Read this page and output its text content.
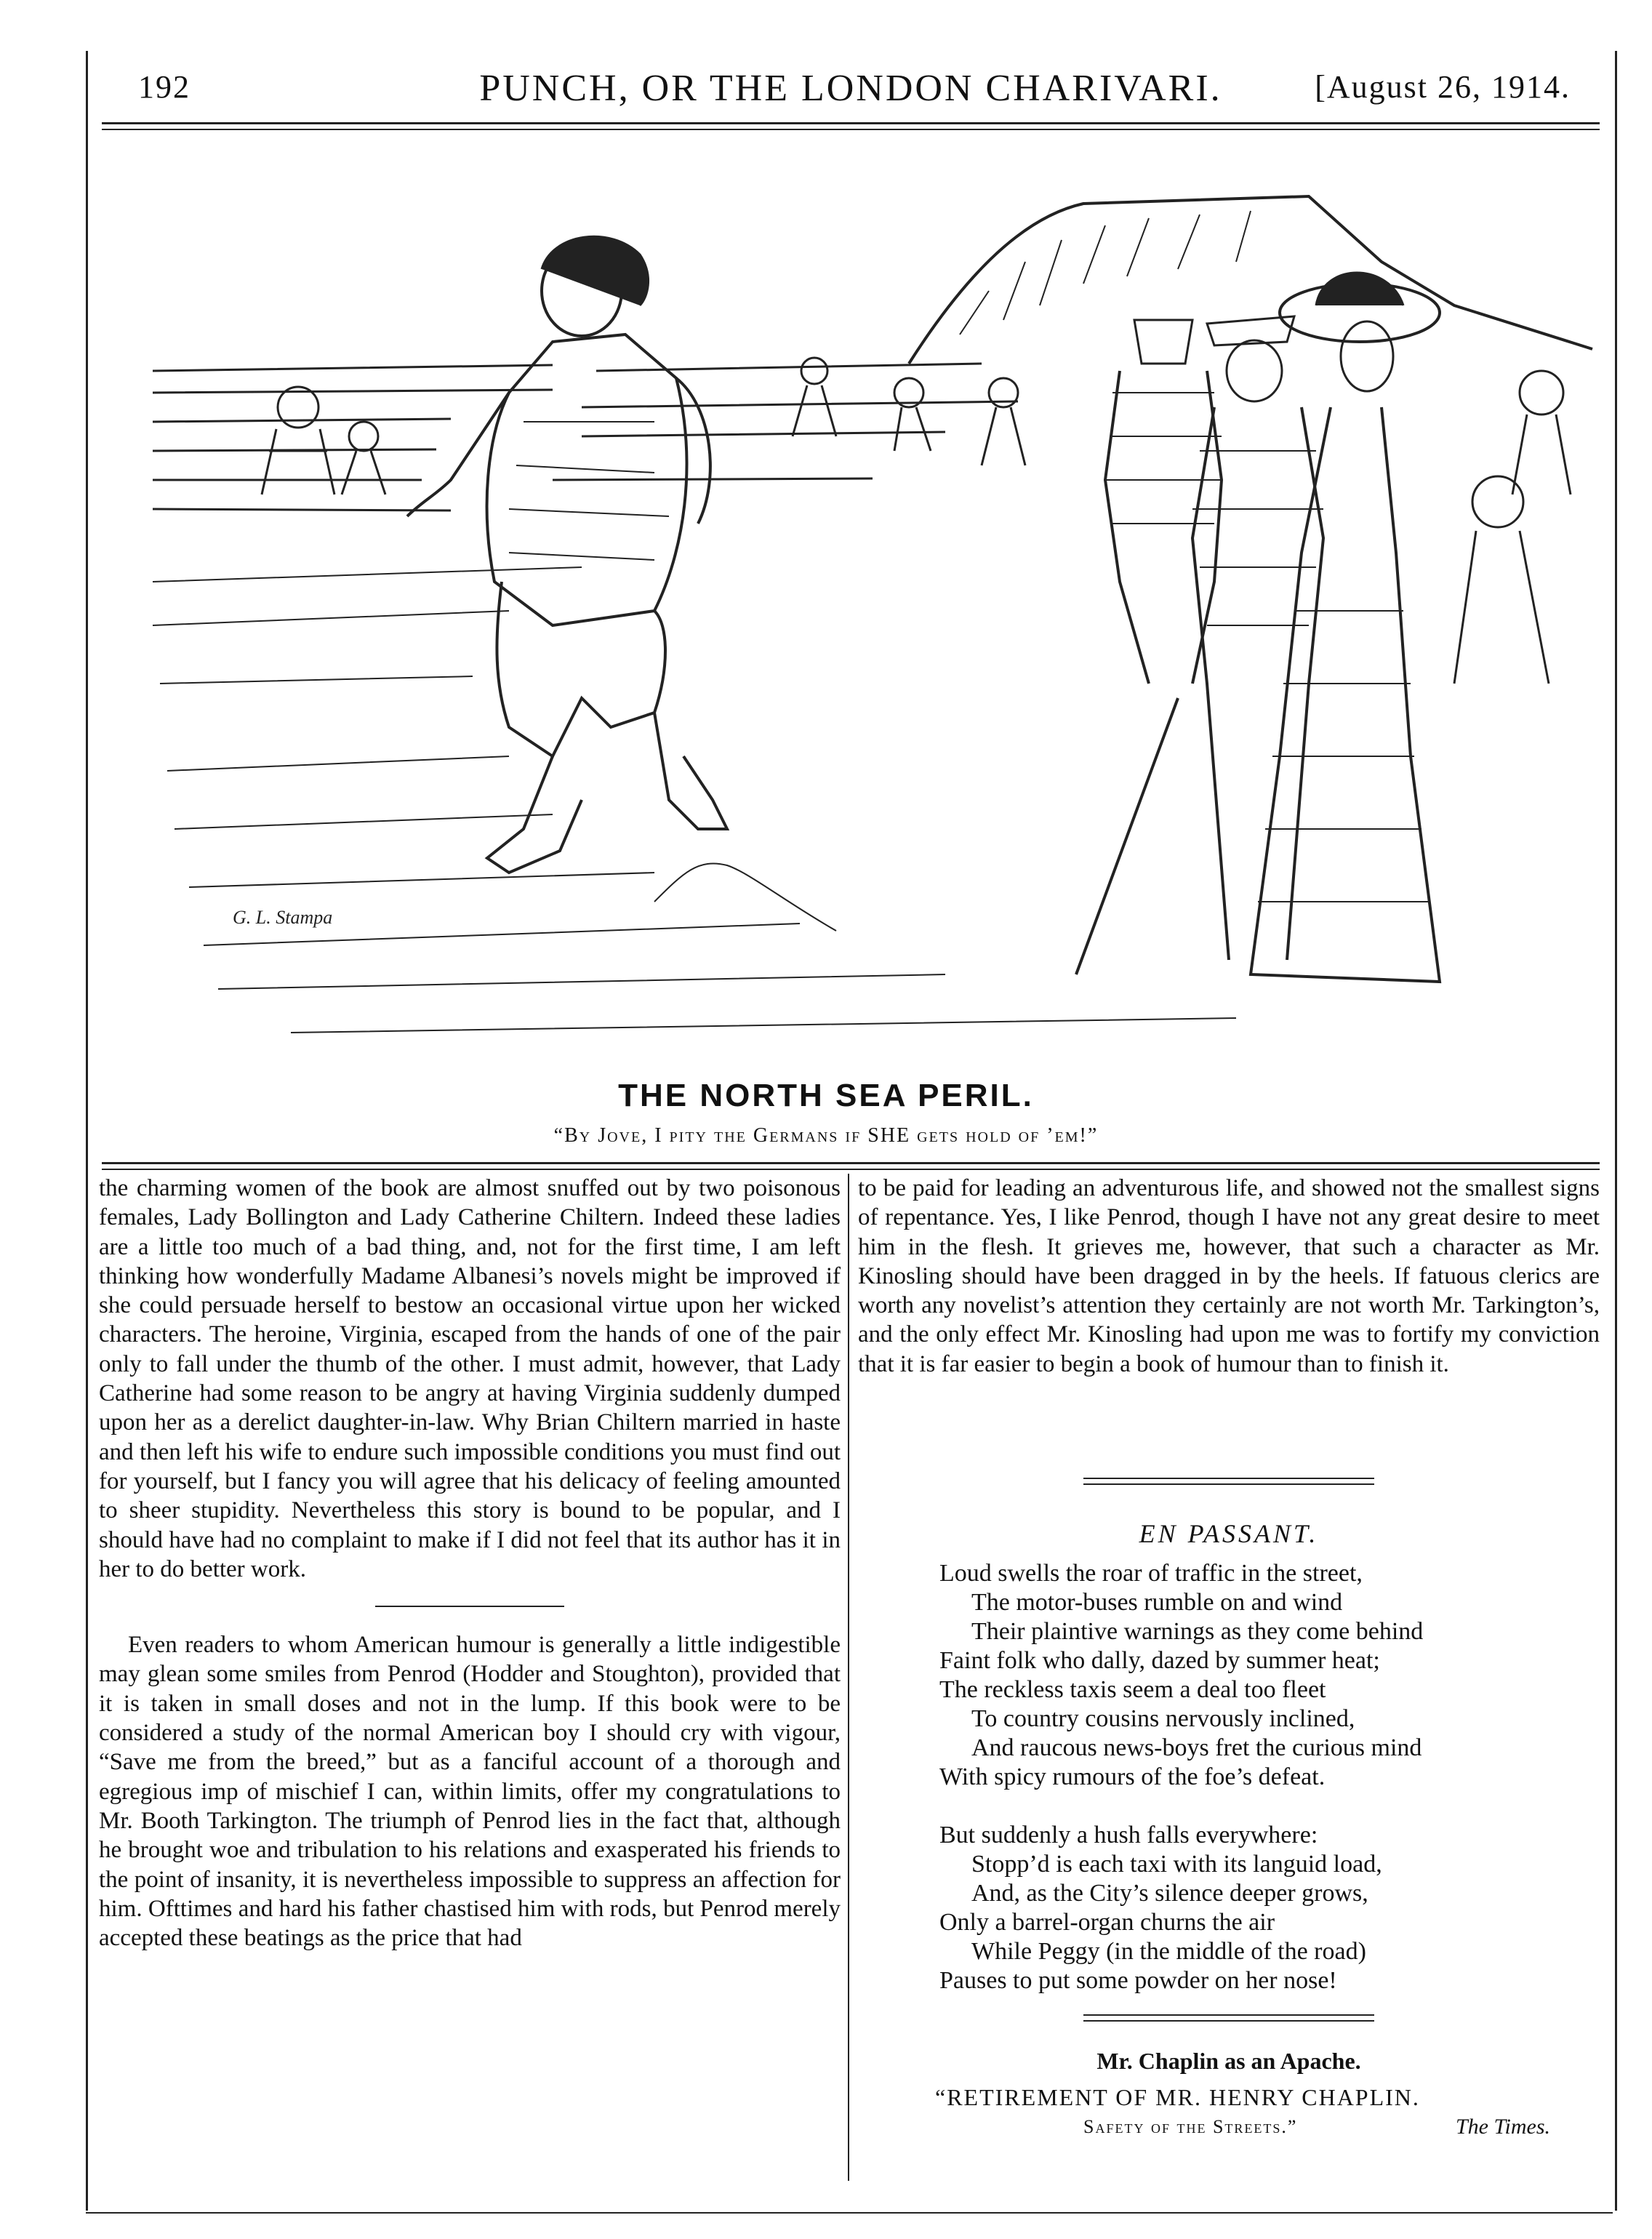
192	PUNCH, OR THE LONDON CHARIVARI.	[August 26, 1914.
G. L. Stampa
THE NORTH SEA PERIL.
“By Jove, I pity the Germans if SHE gets hold of ’em!”

the charming women of the book are almost snuffed out by two poisonous females, Lady Bollington and Lady Catherine Chiltern. Indeed these ladies are a little too much of a bad thing, and, not for the first time, I am left thinking how wonderfully Madame Albanesi’s novels might be improved if she could persuade herself to bestow an occasional virtue upon her wicked characters. The heroine, Virginia, escaped from the hands of one of the pair only to fall under the thumb of the other. I must admit, however, that Lady Catherine had some reason to be angry at having Virginia suddenly dumped upon her as a derelict daughter-in-law. Why Brian Chiltern married in haste and then left his wife to endure such impossible conditions you must find out for yourself, but I fancy you will agree that his delicacy of feeling amounted to sheer stupidity. Nevertheless this story is bound to be popular, and I should have had no complaint to make if I did not feel that its author has it in her to do better work.

Even readers to whom American humour is generally a little indigestible may glean some smiles from Penrod (Hodder and Stoughton), provided that it is taken in small doses and not in the lump. If this book were to be considered a study of the normal American boy I should cry with vigour, “Save me from the breed,” but as a fanciful account of a thorough and egregious imp of mischief I can, within limits, offer my congratulations to Mr. Booth Tarkington. The triumph of Penrod lies in the fact that, although he brought woe and tribulation to his relations and exasperated his friends to the point of insanity, it is nevertheless impossible to suppress an affection for him. Ofttimes and hard his father chastised him with rods, but Penrod merely accepted these beatings as the price that had

to be paid for leading an adventurous life, and showed not the smallest signs of repentance. Yes, I like Penrod, though I have not any great desire to meet him in the flesh. It grieves me, however, that such a character as Mr. Kinosling should have been dragged in by the heels. If fatuous clerics are worth any novelist’s attention they certainly are not worth Mr. Tarkington’s, and the only effect Mr. Kinosling had upon me was to fortify my conviction that it is far easier to begin a book of humour than to finish it.

EN PASSANT.
Loud swells the roar of traffic in the street,
The motor-buses rumble on and wind
Their plaintive warnings as they come behind
Faint folk who dally, dazed by summer heat;
The reckless taxis seem a deal too fleet
To country cousins nervously inclined,
And raucous news-boys fret the curious mind
With spicy rumours of the foe’s defeat.
But suddenly a hush falls everywhere:
Stopp’d is each taxi with its languid load,
And, as the City’s silence deeper grows,
Only a barrel-organ churns the air
While Peggy (in the middle of the road)
Pauses to put some powder on her nose!
Mr. Chaplin as an Apache.
“RETIREMENT OF MR. HENRY CHAPLIN.
Safety of the Streets.”	The Times.
